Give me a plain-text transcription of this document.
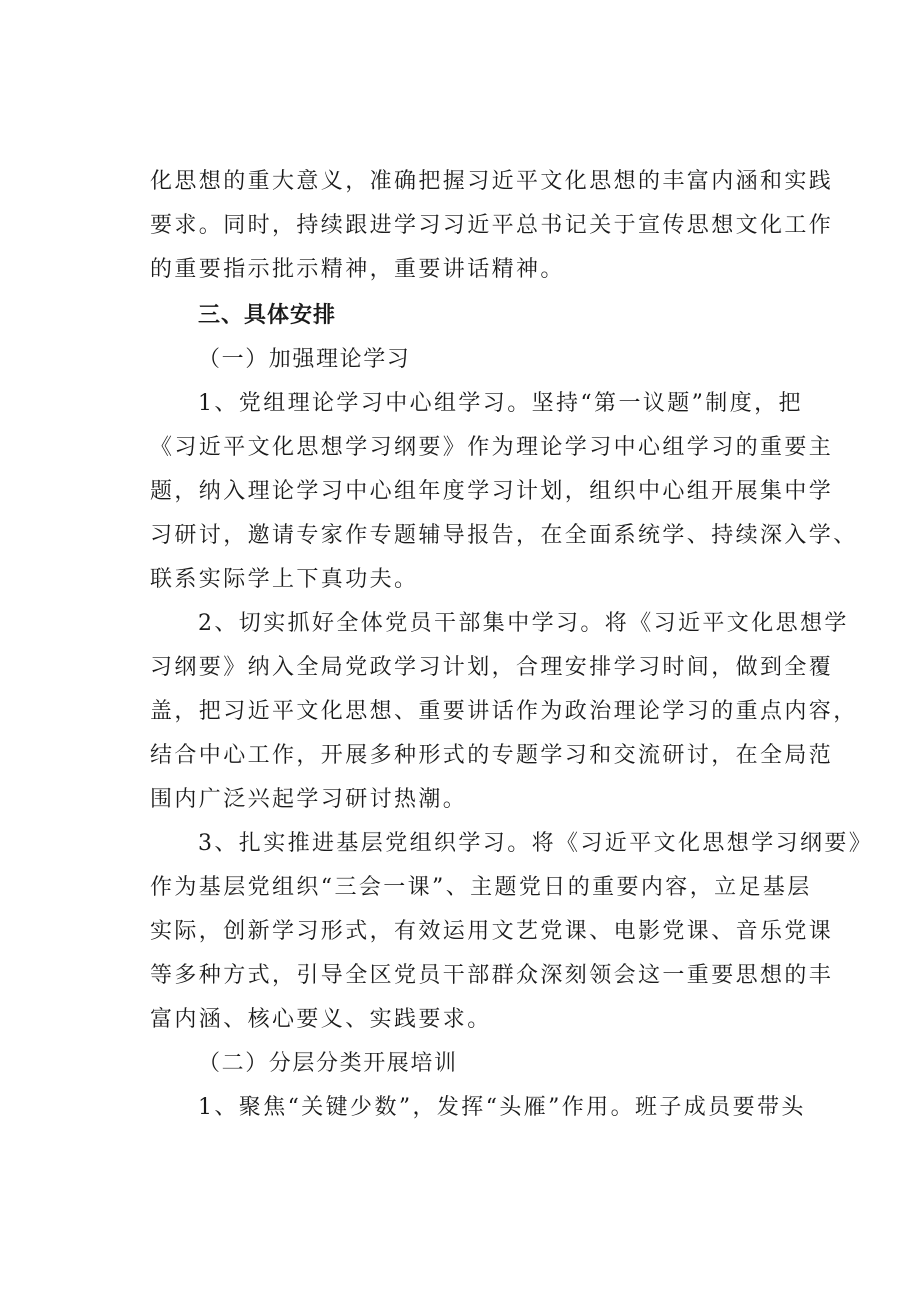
化思想的重大意义，准确把握习近平文化思想的丰富内涵和实践
要求。同时，持续跟进学习习近平总书记关于宣传思想文化工作
的重要指示批示精神，重要讲话精神。
三、具体安排
（一）加强理论学习
1、党组理论学习中心组学习。坚持“第一议题”制度，把
《习近平文化思想学习纲要》作为理论学习中心组学习的重要主
题，纳入理论学习中心组年度学习计划，组织中心组开展集中学
习研讨，邀请专家作专题辅导报告，在全面系统学、持续深入学、
联系实际学上下真功夫。
2、切实抓好全体党员干部集中学习。将《习近平文化思想学
习纲要》纳入全局党政学习计划，合理安排学习时间，做到全覆
盖，把习近平文化思想、重要讲话作为政治理论学习的重点内容，
结合中心工作，开展多种形式的专题学习和交流研讨，在全局范
围内广泛兴起学习研讨热潮。
3、扎实推进基层党组织学习。将《习近平文化思想学习纲要》
作为基层党组织“三会一课”、主题党日的重要内容，立足基层
实际，创新学习形式，有效运用文艺党课、电影党课、音乐党课
等多种方式，引导全区党员干部群众深刻领会这一重要思想的丰
富内涵、核心要义、实践要求。
（二）分层分类开展培训
1、聚焦“关键少数”，发挥“头雁”作用。班子成员要带头
